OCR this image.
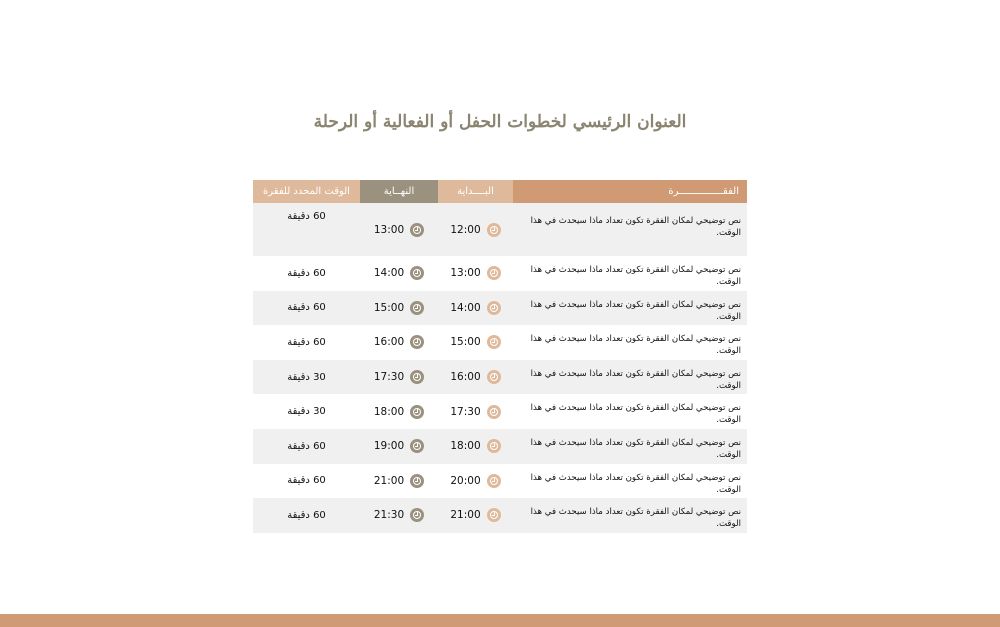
العنوان الرئيسي لخطوات الحفل أو الفعالية أو الرحلة
الفقـــــــــــــــرة
البــــداية
النهــاية
الوقت المحدد للفقرة
نص توضيحي لمكان الفقرة تكون تعداد ماذا سيحدث في هذا الوقت.
12:00
13:00
60 دقيقة
نص توضيحي لمكان الفقرة تكون تعداد ماذا سيحدث في هذا الوقت.
13:00
14:00
60 دقيقة
نص توضيحي لمكان الفقرة تكون تعداد ماذا سيحدث في هذا الوقت.
14:00
15:00
60 دقيقة
نص توضيحي لمكان الفقرة تكون تعداد ماذا سيحدث في هذا الوقت.
15:00
16:00
60 دقيقة
نص توضيحي لمكان الفقرة تكون تعداد ماذا سيحدث في هذا الوقت.
16:00
17:30
30 دقيقة
نص توضيحي لمكان الفقرة تكون تعداد ماذا سيحدث في هذا الوقت.
17:30
18:00
30 دقيقة
نص توضيحي لمكان الفقرة تكون تعداد ماذا سيحدث في هذا الوقت.
18:00
19:00
60 دقيقة
نص توضيحي لمكان الفقرة تكون تعداد ماذا سيحدث في هذا الوقت.
20:00
21:00
60 دقيقة
نص توضيحي لمكان الفقرة تكون تعداد ماذا سيحدث في هذا الوقت.
21:00
21:30
60 دقيقة
